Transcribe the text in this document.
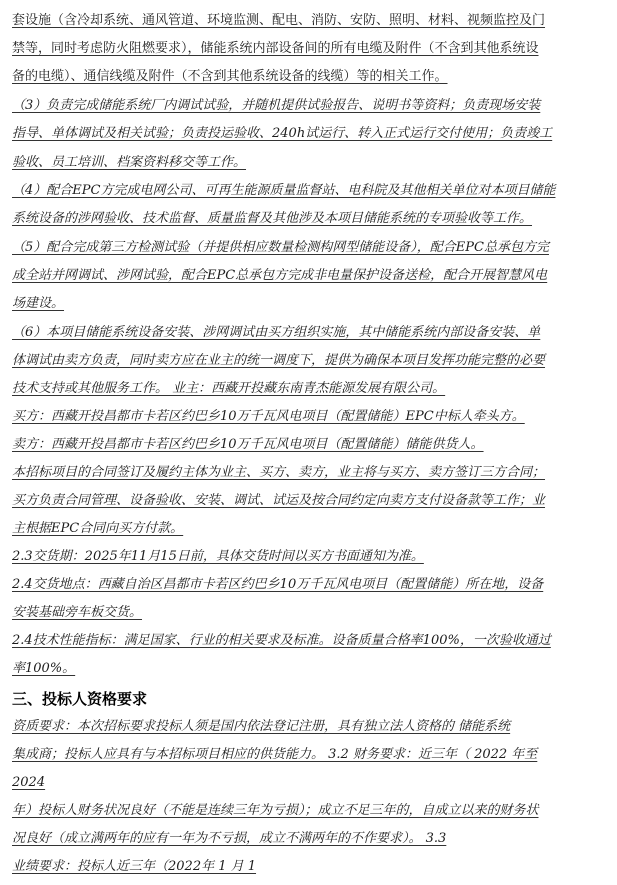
套设施（含冷却系统、通风管道、环境监测、配电、消防、安防、照明、材料、视频监控及门
禁等，同时考虑防火阻燃要求），储能系统内部设备间的所有电缆及附件（不含到其他系统设
备的电缆）、通信线缆及附件（不含到其他系统设备的线缆）等的相关工作。
（3）负责完成储能系统厂内调试试验，并随机提供试验报告、说明书等资料；负责现场安装
指导、单体调试及相关试验；负责投运验收、240h试运行、转入正式运行交付使用；负责竣工
验收、员工培训、档案资料移交等工作。
（4）配合EPC方完成电网公司、可再生能源质量监督站、电科院及其他相关单位对本项目储能
系统设备的涉网验收、技术监督、质量监督及其他涉及本项目储能系统的专项验收等工作。
（5）配合完成第三方检测试验（并提供相应数量检测构网型储能设备），配合EPC总承包方完
成全站并网调试、涉网试验，配合EPC总承包方完成非电量保护设备送检，配合开展智慧风电
场建设。
（6）本项目储能系统设备安装、涉网调试由买方组织实施，其中储能系统内部设备安装、单
体调试由卖方负责，同时卖方应在业主的统一调度下，提供为确保本项目发挥功能完整的必要
技术支持或其他服务工作。 业主：西藏开投藏东南青杰能源发展有限公司。
买方：西藏开投昌都市卡若区约巴乡10万千瓦风电项目（配置储能）EPC中标人牵头方。
卖方：西藏开投昌都市卡若区约巴乡10万千瓦风电项目（配置储能）储能供货人。
本招标项目的合同签订及履约主体为业主、买方、卖方，业主将与买方、卖方签订三方合同；
买方负责合同管理、设备验收、安装、调试、试运及按合同约定向卖方支付设备款等工作；业
主根据EPC合同向买方付款。
2.3交货期：2025年11月15日前，具体交货时间以买方书面通知为准。
2.4交货地点：西藏自治区昌都市卡若区约巴乡10万千瓦风电项目（配置储能）所在地，设备
安装基础旁车板交货。
2.4技术性能指标：满足国家、行业的相关要求及标准。设备质量合格率100%，一次验收通过
率100%。
三、投标人资格要求
资质要求：本次招标要求投标人须是国内依法登记注册，具有独立法人资格的 储能系统
集成商；投标人应具有与本招标项目相应的供货能力。 3.2 财务要求：近三年（ 2022 年至
2024
年）投标人财务状况良好（不能是连续三年为亏损）；成立不足三年的，自成立以来的财务状
况良好（成立满两年的应有一年为不亏损，成立不满两年的不作要求）。 3.3
业绩要求：投标人近三年（2022年 1 月 1
